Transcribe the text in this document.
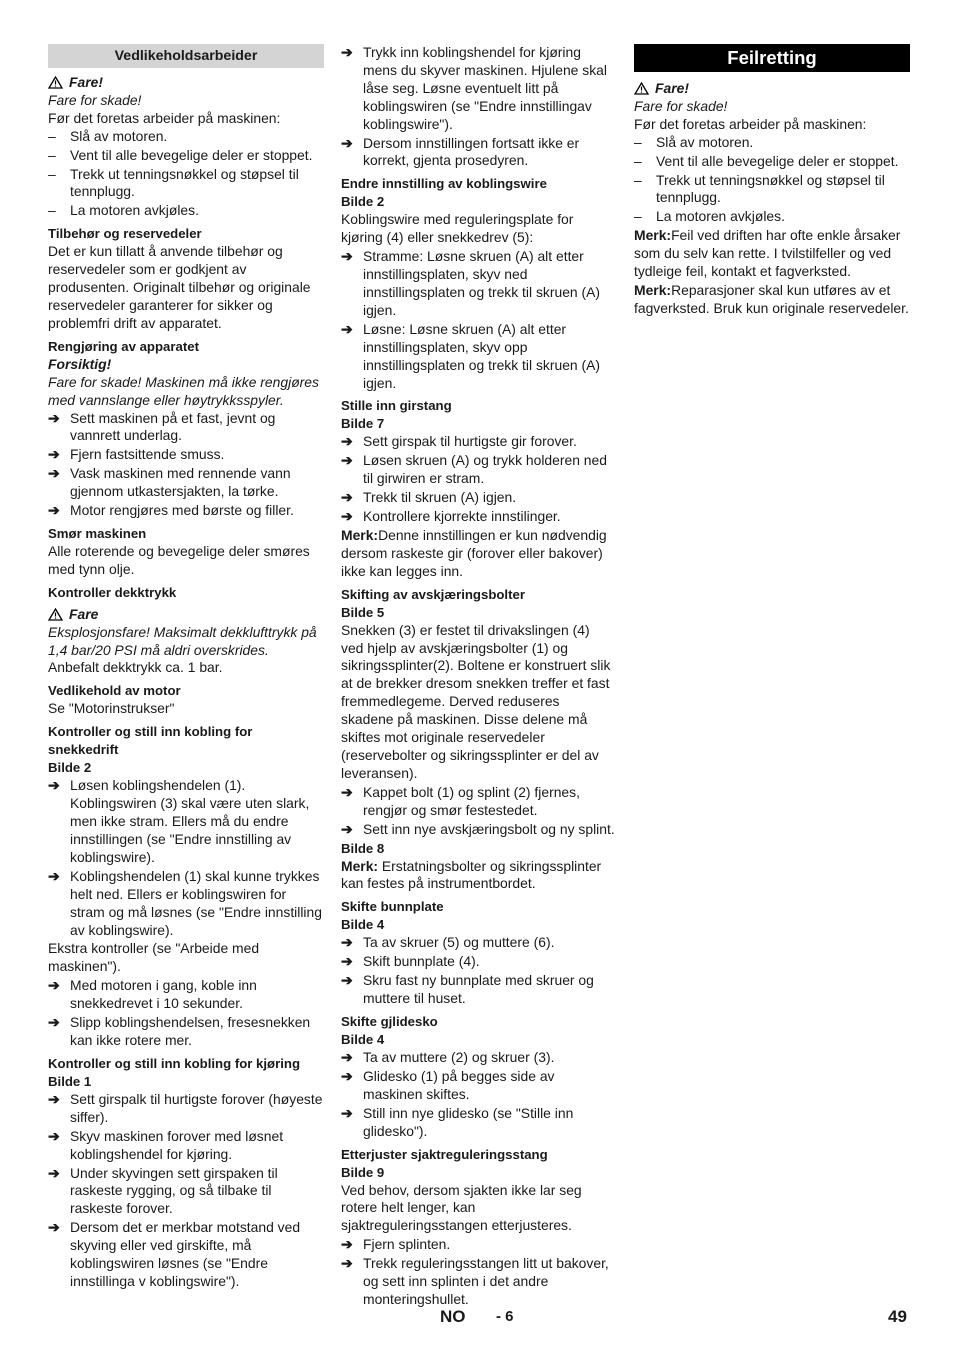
Vedlikeholdsarbeider
Fare!
Fare for skade!
Før det foretas arbeider på maskinen:
–	Slå av motoren.
–	Vent til alle bevegelige deler er stoppet.
–	Trekk ut tenningsnøkkel og støpsel til tennplugg.
–	La motoren avkjøles.
Tilbehør og reservedeler
Det er kun tillatt å anvende tilbehør og reservedeler som er godkjent av produsenten. Originalt tilbehør og originale reservedeler garanterer for sikker og problemfri drift av apparatet.
Rengjøring av apparatet
Forsiktig!
Fare for skade! Maskinen må ikke rengjøres med vannslange eller høytrykksspyler.
➔ Sett maskinen på et fast, jevnt og vannrett underlag.
➔ Fjern fastsittende smuss.
➔ Vask maskinen med rennende vann gjennom utkastersjakten, la tørke.
➔ Motor rengjøres med børste og filler.
Smør maskinen
Alle roterende og bevegelige deler smøres med tynn olje.
Kontroller dekktrykk
Fare
Eksplosjonsfare! Maksimalt dekklufttrykk på 1,4 bar/20 PSI må aldri overskrides.
Anbefalt dekktrykk ca. 1 bar.
Vedlikehold av motor
Se "Motorinstrukser"
Kontroller og still inn kobling for snekkedrift
Bilde 2
➔ Løsen koblingshendelen (1). Koblingswiren (3) skal være uten slark, men ikke stram. Ellers må du endre innstillingen (se "Endre innstilling av koblingswire).
➔ Koblingshendelen (1) skal kunne trykkes helt ned. Ellers er koblingswiren for stram og må løsnes (se "Endre innstilling av koblingswire).
Ekstra kontroller (se "Arbeide med maskinen").
➔ Med motoren i gang, koble inn snekkedrevet i 10 sekunder.
➔ Slipp koblingshendelsen, fresesnekken kan ikke rotere mer.
Kontroller og still inn kobling for kjøring
Bilde 1
➔ Sett girspalk til hurtigste forover (høyeste siffer).
➔ Skyv maskinen forover med løsnet koblingshendel for kjøring.
➔ Under skyvingen sett girspaken til raskeste rygging, og så tilbake til raskeste forover.
➔ Dersom det er merkbar motstand ved skyving eller ved girskifte, må koblingswiren løsnes (se "Endre innstillinga v koblingswire").
➔ Trykk inn koblingshendel for kjøring mens du skyver maskinen. Hjulene skal låse seg. Løsne eventuelt litt på koblingswiren (se "Endre innstillingav koblingswire").
➔ Dersom innstillingen fortsatt ikke er korrekt, gjenta prosedyren.
Endre innstilling av koblingswire
Bilde 2
Koblingswire med reguleringsplate for kjøring (4) eller snekkedrev (5):
➔ Stramme: Løsne skruen (A) alt etter innstillingsplaten, skyv ned innstillingsplaten og trekk til skruen (A) igjen.
➔ Løsne: Løsne skruen (A) alt etter innstillingsplaten, skyv opp innstillingsplaten og trekk til skruen (A) igjen.
Stille inn girstang
Bilde 7
➔ Sett girspak til hurtigste gir forover.
➔ Løsen skruen (A) og trykk holderen ned til girwiren er stram.
➔ Trekk til skruen (A) igjen.
➔ Kontrollere kjorrekte innstilinger.
Merk:Denne innstillingen er kun nødvendig dersom raskeste gir (forover eller bakover) ikke kan legges inn.
Skifting av avskjæringsbolter
Bilde 5
Snekken (3) er festet til drivakslingen (4) ved hjelp av avskjæringsbolter (1) og sikringssplinter(2). Boltene er konstruert slik at de brekker dresom snekken treffer et fast fremmedlegeme. Derved reduseres skadene på maskinen. Disse delene må skiftes mot originale reservedeler (reservebolter og sikringssplinter er del av leveransen).
➔ Kappet bolt (1) og splint (2) fjernes, rengjør og smør festestedet.
➔ Sett inn nye avskjæringsbolt og ny splint.
Bilde 8
Merk: Erstatningsbolter og sikringssplinter kan festes på instrumentbordet.
Skifte bunnplate
Bilde 4
➔ Ta av skruer (5) og muttere (6).
➔ Skift bunnplate (4).
➔ Skru fast ny bunnplate med skruer og muttere til huset.
Skifte gjlidesko
Bilde 4
➔ Ta av muttere (2) og skruer (3).
➔ Glidesko (1) på begges side av maskinen skiftes.
➔ Still inn nye glidesko (se "Stille inn glidesko").
Etterjuster sjaktreguleringsstang
Bilde 9
Ved behov, dersom sjakten ikke lar seg rotere helt lenger, kan sjaktreguleringsstangen etterjusteres.
➔ Fjern splinten.
➔ Trekk reguleringsstangen litt ut bakover, og sett inn splinten i det andre monteringshullet.
Feilretting
Fare!
Fare for skade!
Før det foretas arbeider på maskinen:
–	Slå av motoren.
–	Vent til alle bevegelige deler er stoppet.
–	Trekk ut tenningsnøkkel og støpsel til tennplugg.
–	La motoren avkjøles.
Merk:Feil ved driften har ofte enkle årsaker som du selv kan rette. I tvilstilfeller og ved tydleige feil, kontakt et fagverksted.
Merk:Reparasjoner skal kun utføres av et fagverksted. Bruk kun originale reservedeler.
NO - 6	49
